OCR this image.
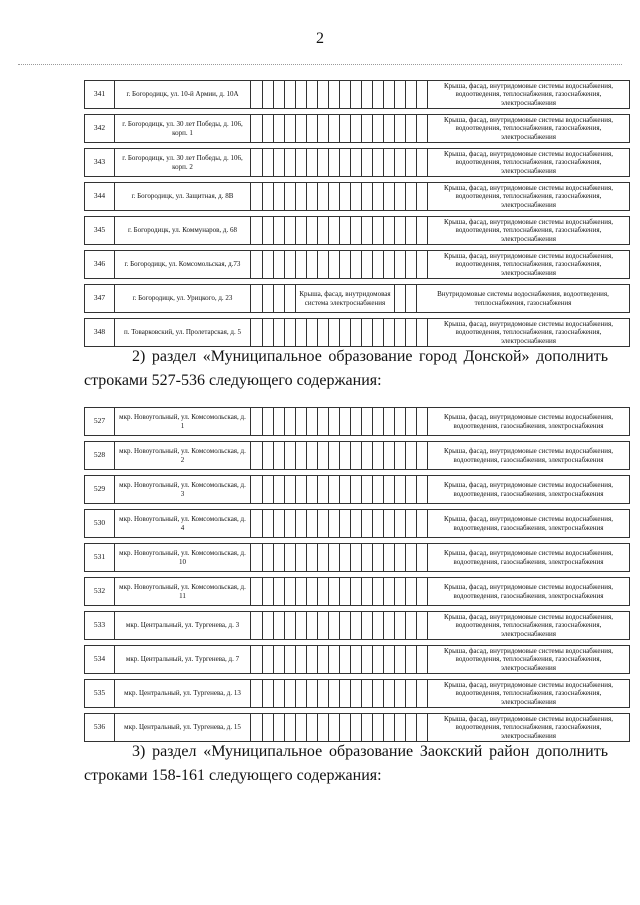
2
341	г. Богородицк, ул. 10-й Армии, д. 10А																	Крыша, фасад, внутридомовые системы водоснабжения, водоотведения, теплоснабжения, газоснабжения, электроснабжения

342	г. Богородицк, ул. 30 лет Победы, д. 106, корп. 1																	Крыша, фасад, внутридомовые системы водоснабжения, водоотведения, теплоснабжения, газоснабжения, электроснабжения

343	г. Богородицк, ул. 30 лет Победы, д. 106, корп. 2																	Крыша, фасад, внутридомовые системы водоснабжения, водоотведения, теплоснабжения, газоснабжения, электроснабжения

344	г. Богородицк, ул. Защитная, д. 8В																	Крыша, фасад, внутридомовые системы водоснабжения, водоотведения, теплоснабжения, газоснабжения, электроснабжения

345	г. Богородицк, ул. Коммунаров, д. 68																	Крыша, фасад, внутридомовые системы водоснабжения, водоотведения, теплоснабжения, газоснабжения, электроснабжения

346	г. Богородицк, ул. Комсомольская, д.73																	Крыша, фасад, внутридомовые системы водоснабжения, водоотведения, теплоснабжения, газоснабжения, электроснабжения

347	г. Богородицк, ул. Урицкого, д. 23					Крыша, фасад, внутридомовая система электроснабжения											Внутридомовые системы водоснабжения, водоотведения, теплоснабжения, газоснабжения	

348	п. Товарковский, ул. Пролетарская, д. 5																	Крыша, фасад, внутридомовые системы водоснабжения, водоотведения, теплоснабжения, газоснабжения, электроснабжения

2) раздел «Муниципальное образование город Донской» дополнить строками 527-536 следующего содержания:

527	мкр. Новоугольный, ул. Комсомольская, д. 1																	Крыша, фасад, внутридомовые системы водоснабжения, водоотведения, газоснабжения, электроснабжения

528	мкр. Новоугольный, ул. Комсомольская, д. 2																	Крыша, фасад, внутридомовые системы водоснабжения, водоотведения, газоснабжения, электроснабжения

529	мкр. Новоугольный, ул. Комсомольская, д. 3																	Крыша, фасад, внутридомовые системы водоснабжения, водоотведения, газоснабжения, электроснабжения

530	мкр. Новоугольный, ул. Комсомольская, д. 4																	Крыша, фасад, внутридомовые системы водоснабжения, водоотведения, газоснабжения, электроснабжения

531	мкр. Новоугольный, ул. Комсомольская, д. 10																	Крыша, фасад, внутридомовые системы водоснабжения, водоотведения, газоснабжения, электроснабжения

532	мкр. Новоугольный, ул. Комсомольская, д. 11																	Крыша, фасад, внутридомовые системы водоснабжения, водоотведения, газоснабжения, электроснабжения

533	мкр. Центральный, ул. Тургенева, д. 3																	Крыша, фасад, внутридомовые системы водоснабжения, водоотведения, теплоснабжения, газоснабжения, электроснабжения

534	мкр. Центральный, ул. Тургенева, д. 7																	Крыша, фасад, внутридомовые системы водоснабжения, водоотведения, теплоснабжения, газоснабжения, электроснабжения

535	мкр. Центральный, ул. Тургенева, д. 13																	Крыша, фасад, внутридомовые системы водоснабжения, водоотведения, теплоснабжения, газоснабжения, электроснабжения

536	мкр. Центральный, ул. Тургенева, д. 15																	Крыша, фасад, внутридомовые системы водоснабжения, водоотведения, теплоснабжения, газоснабжения, электроснабжения

3) раздел «Муниципальное образование Заокский район дополнить строками 158-161 следующего содержания:
